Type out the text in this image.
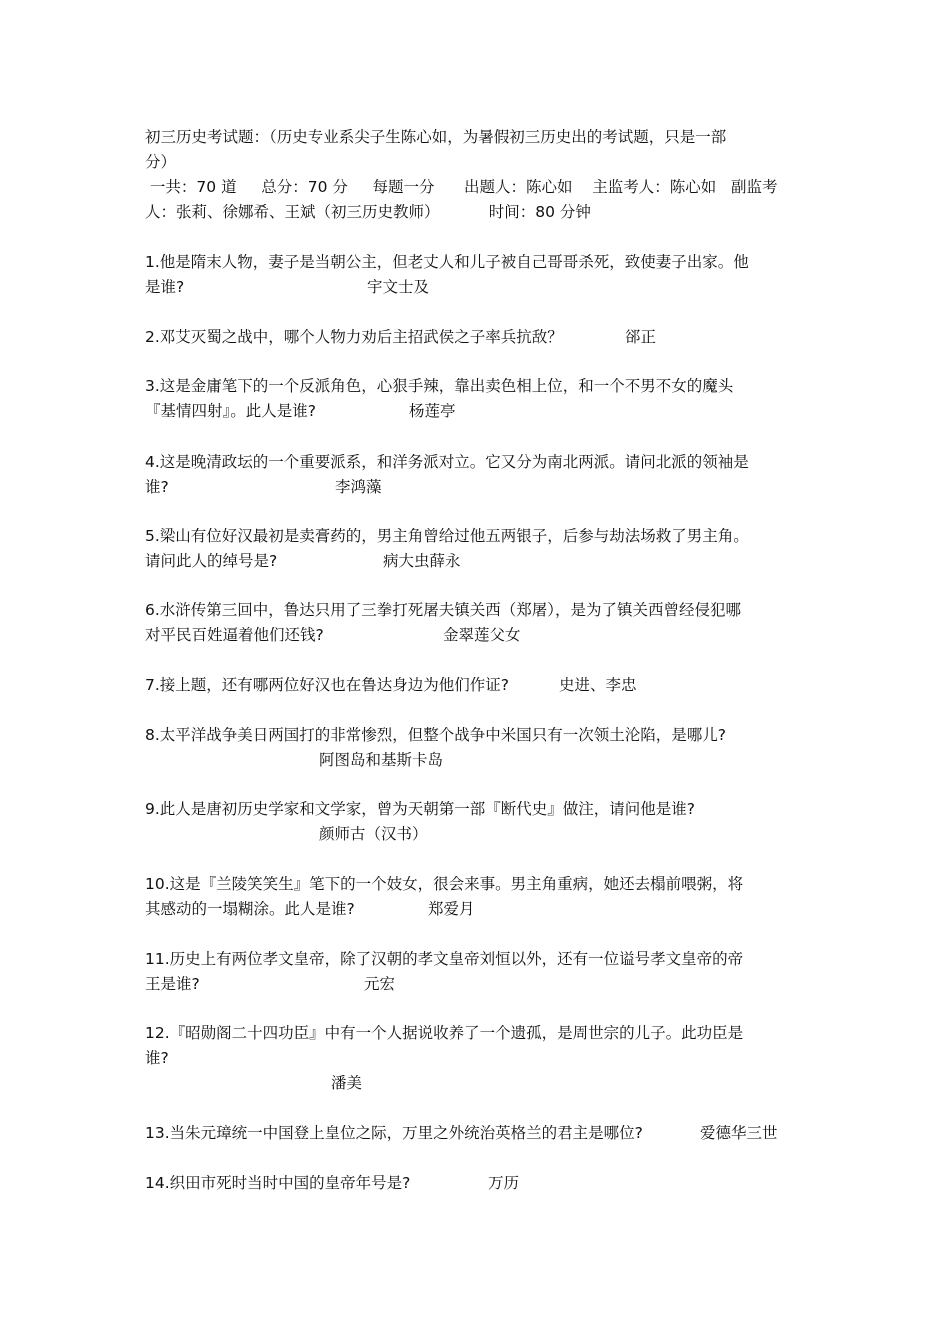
初三历史考试题：（历史专业系尖子生陈心如，为暑假初三历史出的考试题，只是一部
分）
一共：70 道     总分：70 分     每题一分      出题人：陈心如    主监考人：陈心如   副监考
人：张莉、徐娜希、王斌（初三历史教师）          时间：80 分钟
1.他是隋末人物，妻子是当朝公主，但老丈人和儿子被自己哥哥杀死，致使妻子出家。他
是谁?	宇文士及
2.邓艾灭蜀之战中，哪个人物力劝后主招武侯之子率兵抗敌？	郤正
3.这是金庸笔下的一个反派角色，心狠手辣，靠出卖色相上位，和一个不男不女的魔头
『基情四射』。此人是谁?	杨莲亭
4.这是晚清政坛的一个重要派系，和洋务派对立。它又分为南北两派。请问北派的领袖是
谁?	李鸿藻
5.梁山有位好汉最初是卖膏药的，男主角曾给过他五两银子，后参与劫法场救了男主角。
请问此人的绰号是?	病大虫薛永
6.水浒传第三回中，鲁达只用了三拳打死屠夫镇关西（郑屠），是为了镇关西曾经侵犯哪
对平民百姓逼着他们还钱?	金翠莲父女
7.接上题，还有哪两位好汉也在鲁达身边为他们作证?	史进、李忠
8.太平洋战争美日两国打的非常惨烈，但整个战争中米国只有一次领土沦陷，是哪儿?
阿图岛和基斯卡岛
9.此人是唐初历史学家和文学家，曾为天朝第一部『断代史』做注，请问他是谁?
颜师古（汉书）
10.这是『兰陵笑笑生』笔下的一个妓女，很会来事。男主角重病，她还去榻前喂粥，将
其感动的一塌糊涂。此人是谁?	郑爱月
11.历史上有两位孝文皇帝，除了汉朝的孝文皇帝刘恒以外，还有一位谥号孝文皇帝的帝
王是谁?	元宏
12.『昭勋阁二十四功臣』中有一个人据说收养了一个遗孤，是周世宗的儿子。此功臣是
谁?
潘美
13.当朱元璋统一中国登上皇位之际，万里之外统治英格兰的君主是哪位?	爱德华三世
14.织田市死时当时中国的皇帝年号是?	万历
